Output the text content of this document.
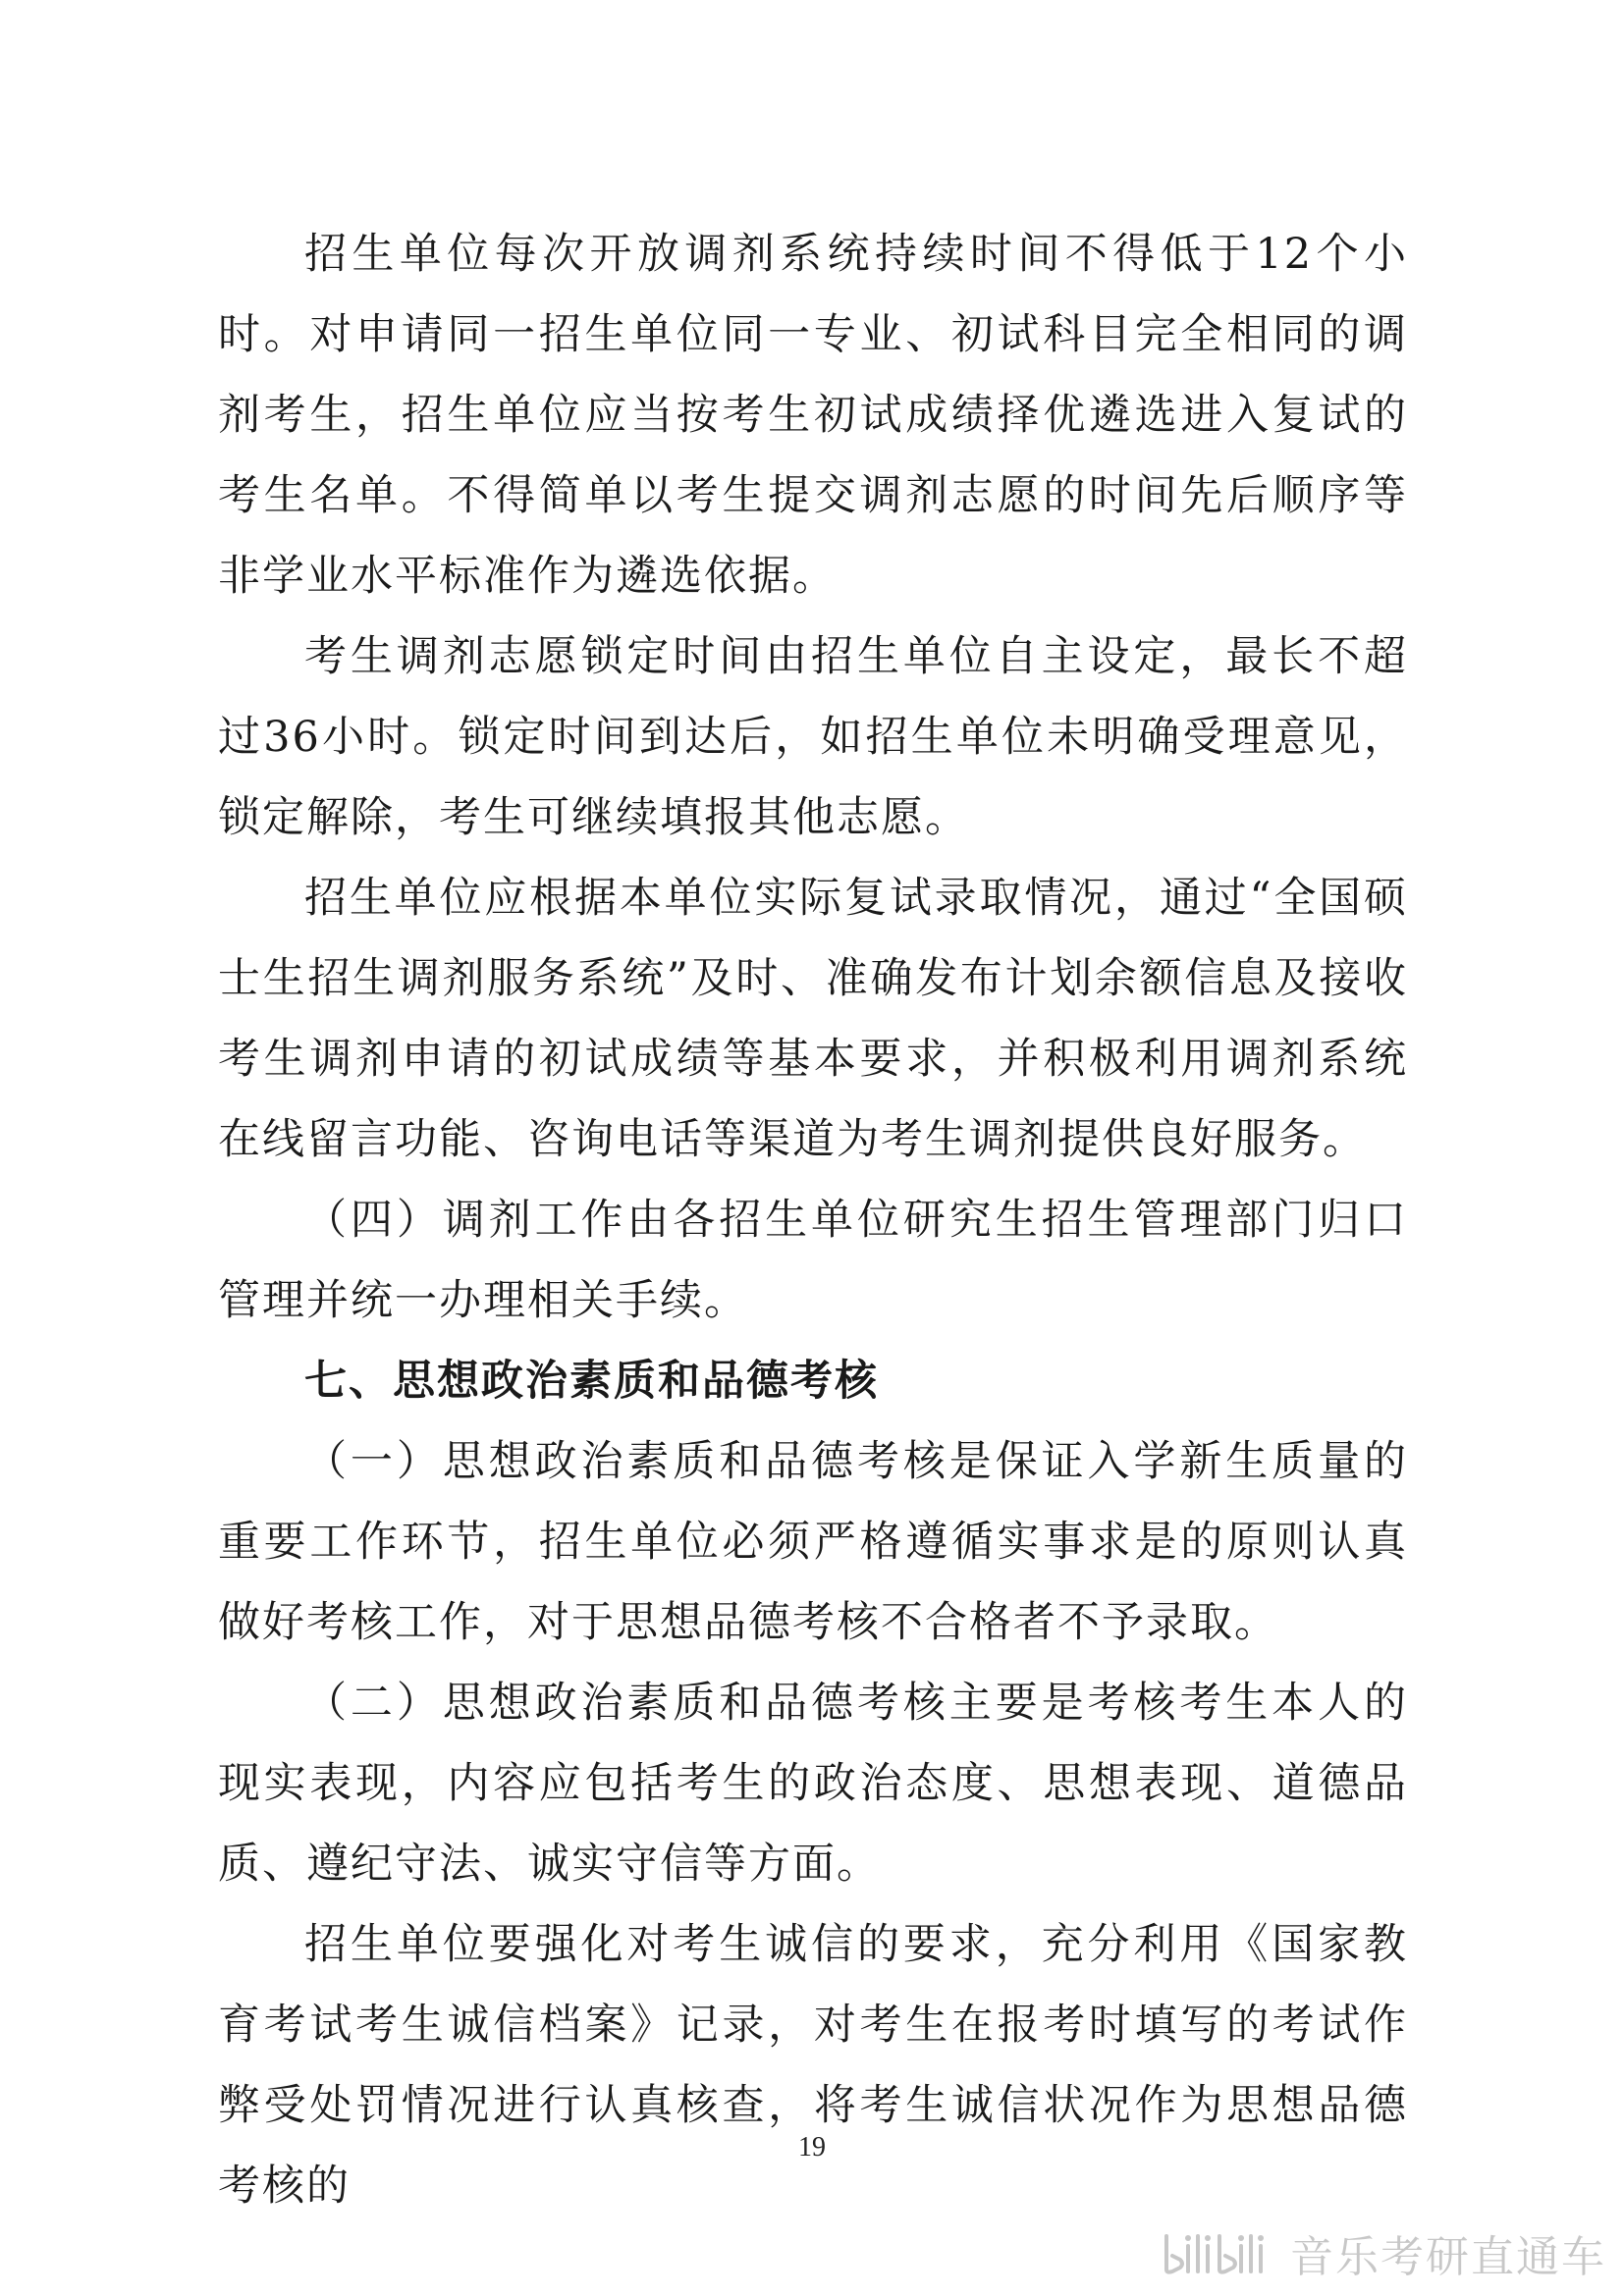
招生单位每次开放调剂系统持续时间不得低于12个小时。对申请同一招生单位同一专业、初试科目完全相同的调剂考生，招生单位应当按考生初试成绩择优遴选进入复试的考生名单。不得简单以考生提交调剂志愿的时间先后顺序等非学业水平标准作为遴选依据。

考生调剂志愿锁定时间由招生单位自主设定，最长不超过36小时。锁定时间到达后，如招生单位未明确受理意见，锁定解除，考生可继续填报其他志愿。

招生单位应根据本单位实际复试录取情况，通过“全国硕士生招生调剂服务系统”及时、准确发布计划余额信息及接收考生调剂申请的初试成绩等基本要求，并积极利用调剂系统在线留言功能、咨询电话等渠道为考生调剂提供良好服务。

（四）调剂工作由各招生单位研究生招生管理部门归口管理并统一办理相关手续。

七、思想政治素质和品德考核

（一）思想政治素质和品德考核是保证入学新生质量的重要工作环节，招生单位必须严格遵循实事求是的原则认真做好考核工作，对于思想品德考核不合格者不予录取。

（二）思想政治素质和品德考核主要是考核考生本人的现实表现，内容应包括考生的政治态度、思想表现、道德品质、遵纪守法、诚实守信等方面。

招生单位要强化对考生诚信的要求，充分利用《国家教育考试考生诚信档案》记录，对考生在报考时填写的考试作弊受处罚情况进行认真核查，将考生诚信状况作为思想品德考核的

19
音乐考研直通车
